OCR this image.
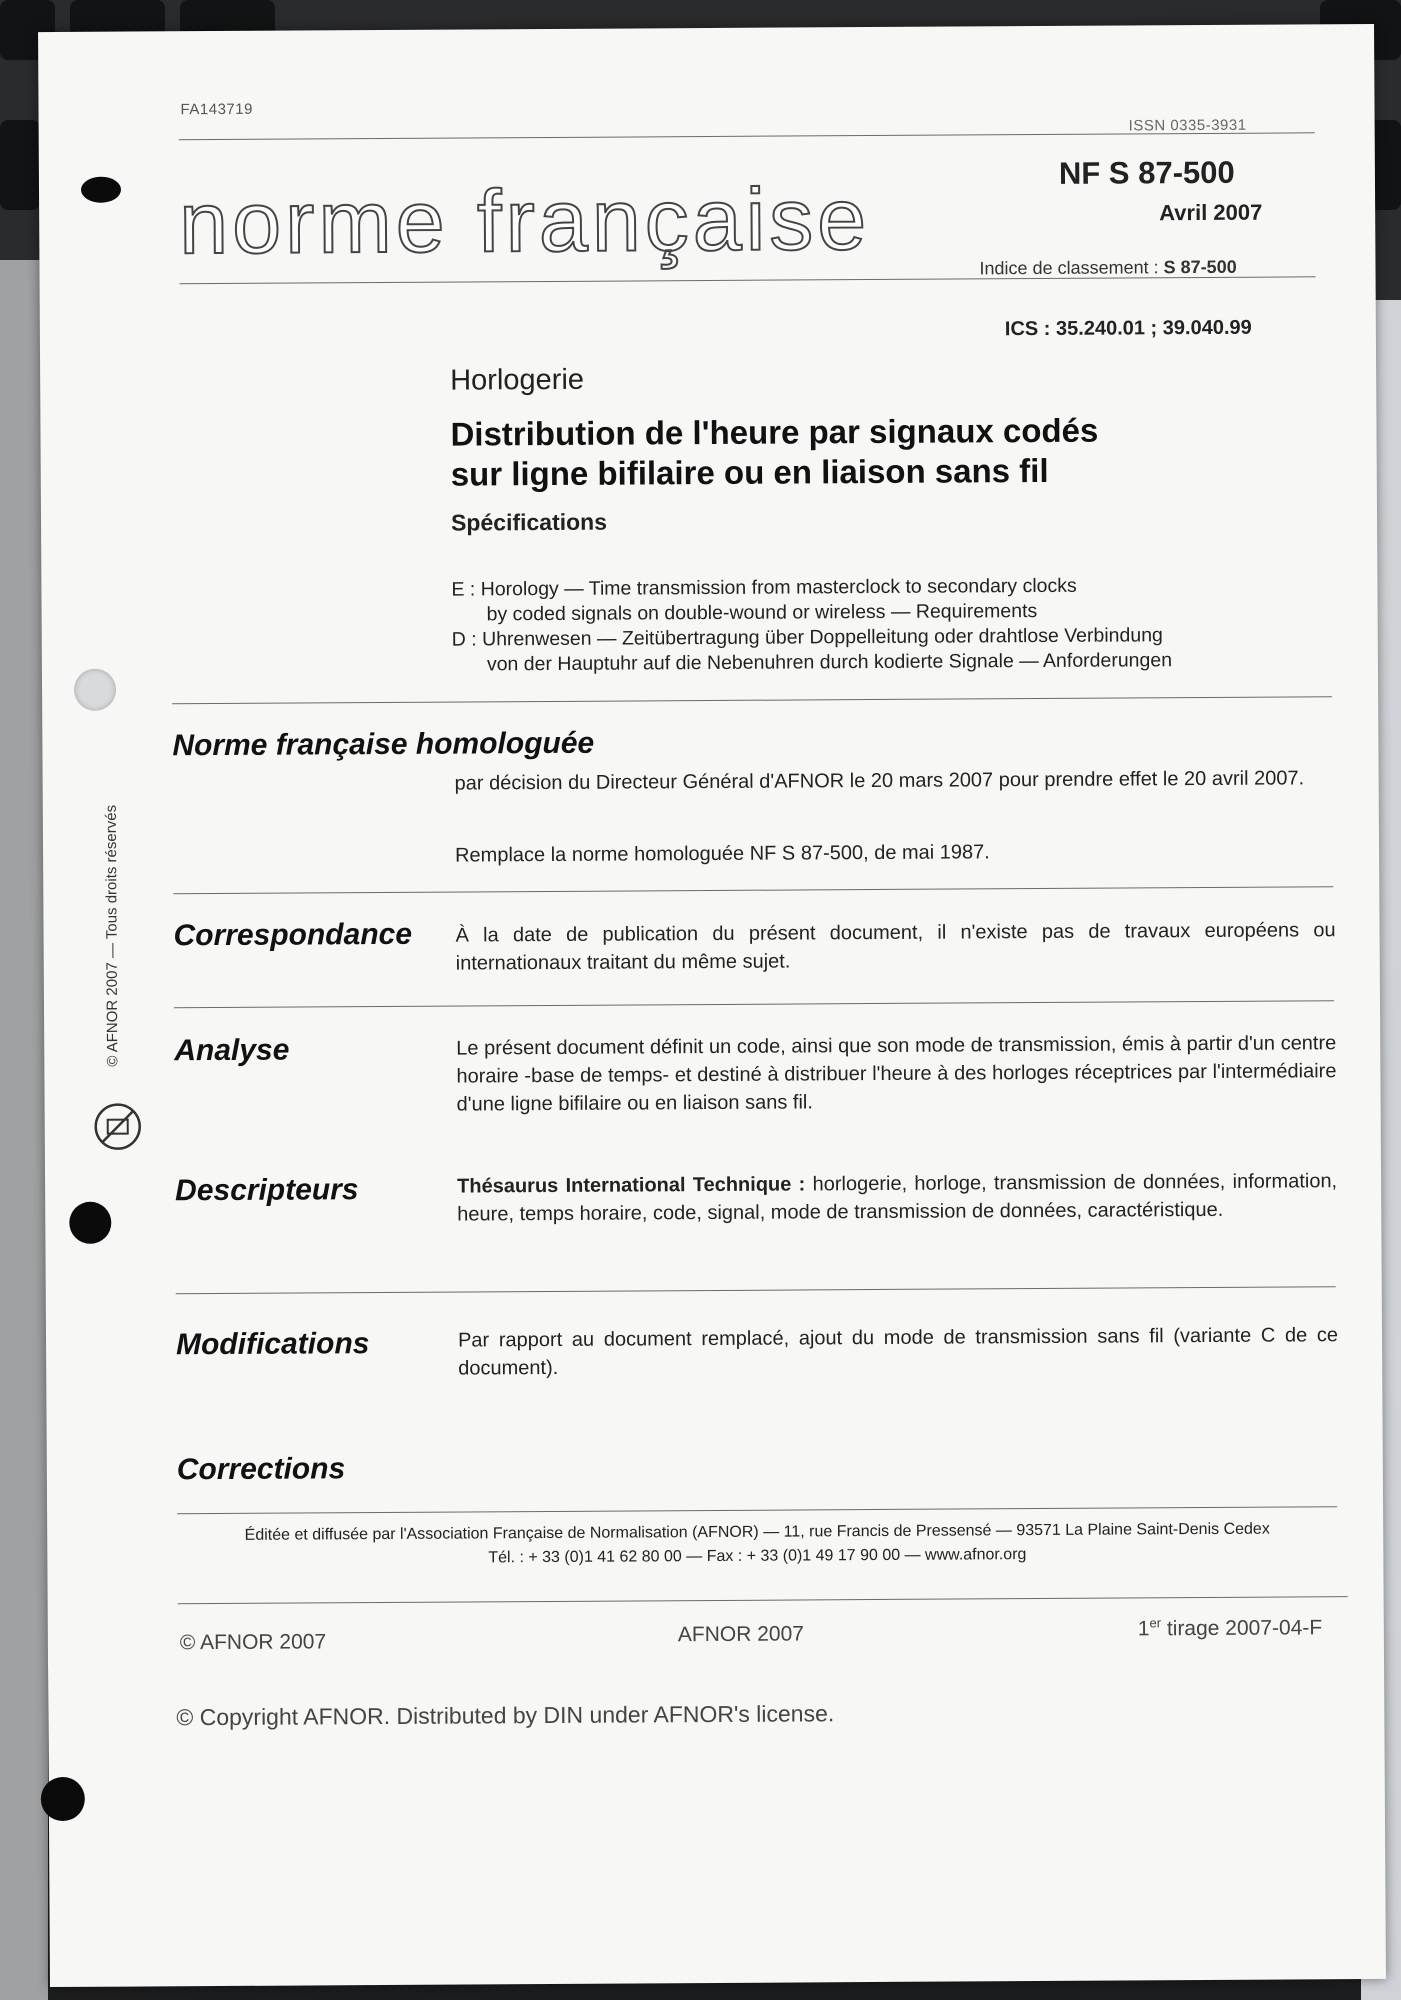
FA143719
ISSN 0335-3931
norme française	NF S 87-500
Avril 2007
Indice de classement : S 87-500
ICS : 35.240.01 ; 39.040.99
Horlogerie
Distribution de l'heure par signaux codés
sur ligne bifilaire ou en liaison sans fil
Spécifications
E : Horology — Time transmission from masterclock to secondary clocks
by coded signals on double-wound or wireless — Requirements
D : Uhrenwesen — Zeitübertragung über Doppelleitung oder drahtlose Verbindung
von der Hauptuhr auf die Nebenuhren durch kodierte Signale — Anforderungen
© AFNOR 2007 — Tous droits réservés
Norme française homologuée
par décision du Directeur Général d'AFNOR le 20 mars 2007 pour prendre effet le 20 avril 2007.
Remplace la norme homologuée NF S 87-500, de mai 1987.
Correspondance À la date de publication du présent document, il n'existe pas de travaux européens ou internationaux traitant du même sujet.
Analyse	Le présent document définit un code, ainsi que son mode de transmission, émis à partir d'un centre horaire -base de temps- et destiné à distribuer l'heure à des horloges réceptrices par l'intermédiaire d'une ligne bifilaire ou en liaison sans fil.
Descripteurs	Thésaurus International Technique : horlogerie, horloge, transmission de données, information, heure, temps horaire, code, signal, mode de transmission de données, caractéristique.
Modifications	Par rapport au document remplacé, ajout du mode de transmission sans fil (variante C de ce document).
Corrections
Éditée et diffusée par l'Association Française de Normalisation (AFNOR) — 11, rue Francis de Pressensé — 93571 La Plaine Saint-Denis Cedex
Tél. : + 33 (0)1 41 62 80 00 — Fax : + 33 (0)1 49 17 90 00 — www.afnor.org
© AFNOR 2007	AFNOR 2007	1er tirage 2007-04-F
© Copyright AFNOR. Distributed by DIN under AFNOR's license.
